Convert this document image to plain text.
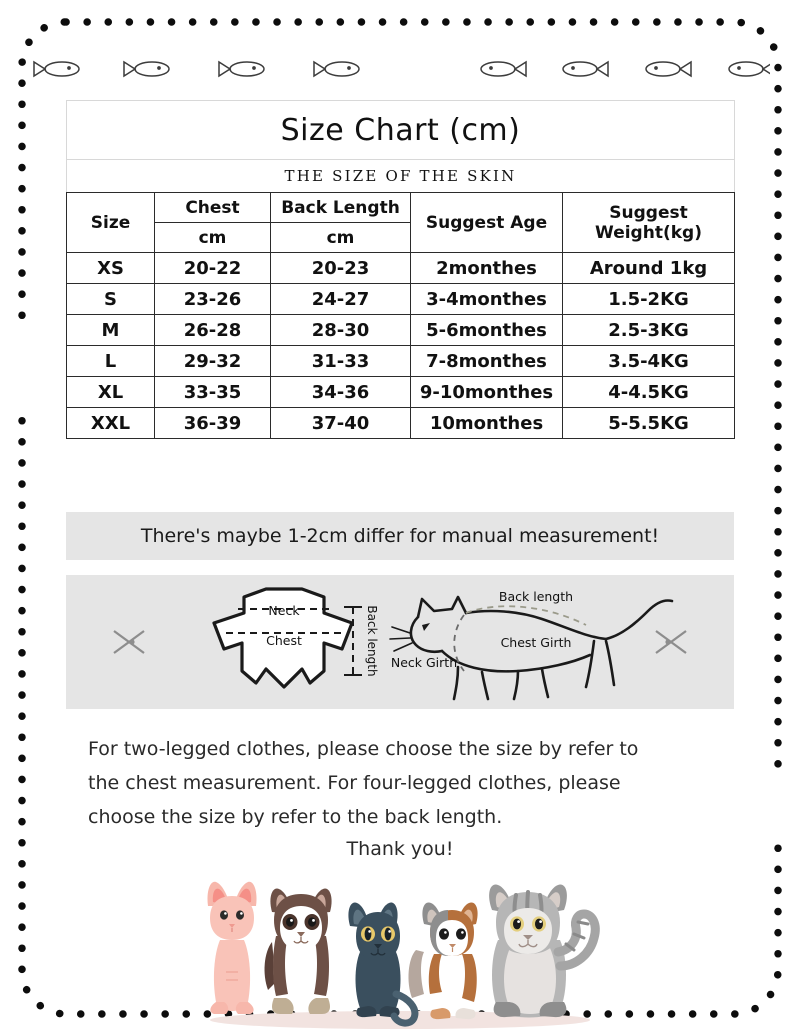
Size Chart (cm)				
THE SIZE OF THE SKIN				
Size	Chest	Back Length	Suggest Age	Suggest Weight(kg)
	cm	cm		
XS	20-22	20-23	2monthes	Around 1kg
S	23-26	24-27	3-4monthes	1.5-2KG
M	26-28	28-30	5-6monthes	2.5-3KG
L	29-32	31-33	7-8monthes	3.5-4KG
XL	33-35	34-36	9-10monthes	4-4.5KG
XXL	36-39	37-40	10monthes	5-5.5KG
There's maybe 1-2cm differ for manual measurement!
Neck
Chest	Back length
Back length
Chest Girth
Neck Girth
For two-legged clothes, please choose the size by refer to
the chest measurement. For four-legged clothes, please
choose the size by refer to the back length.
Thank you!
